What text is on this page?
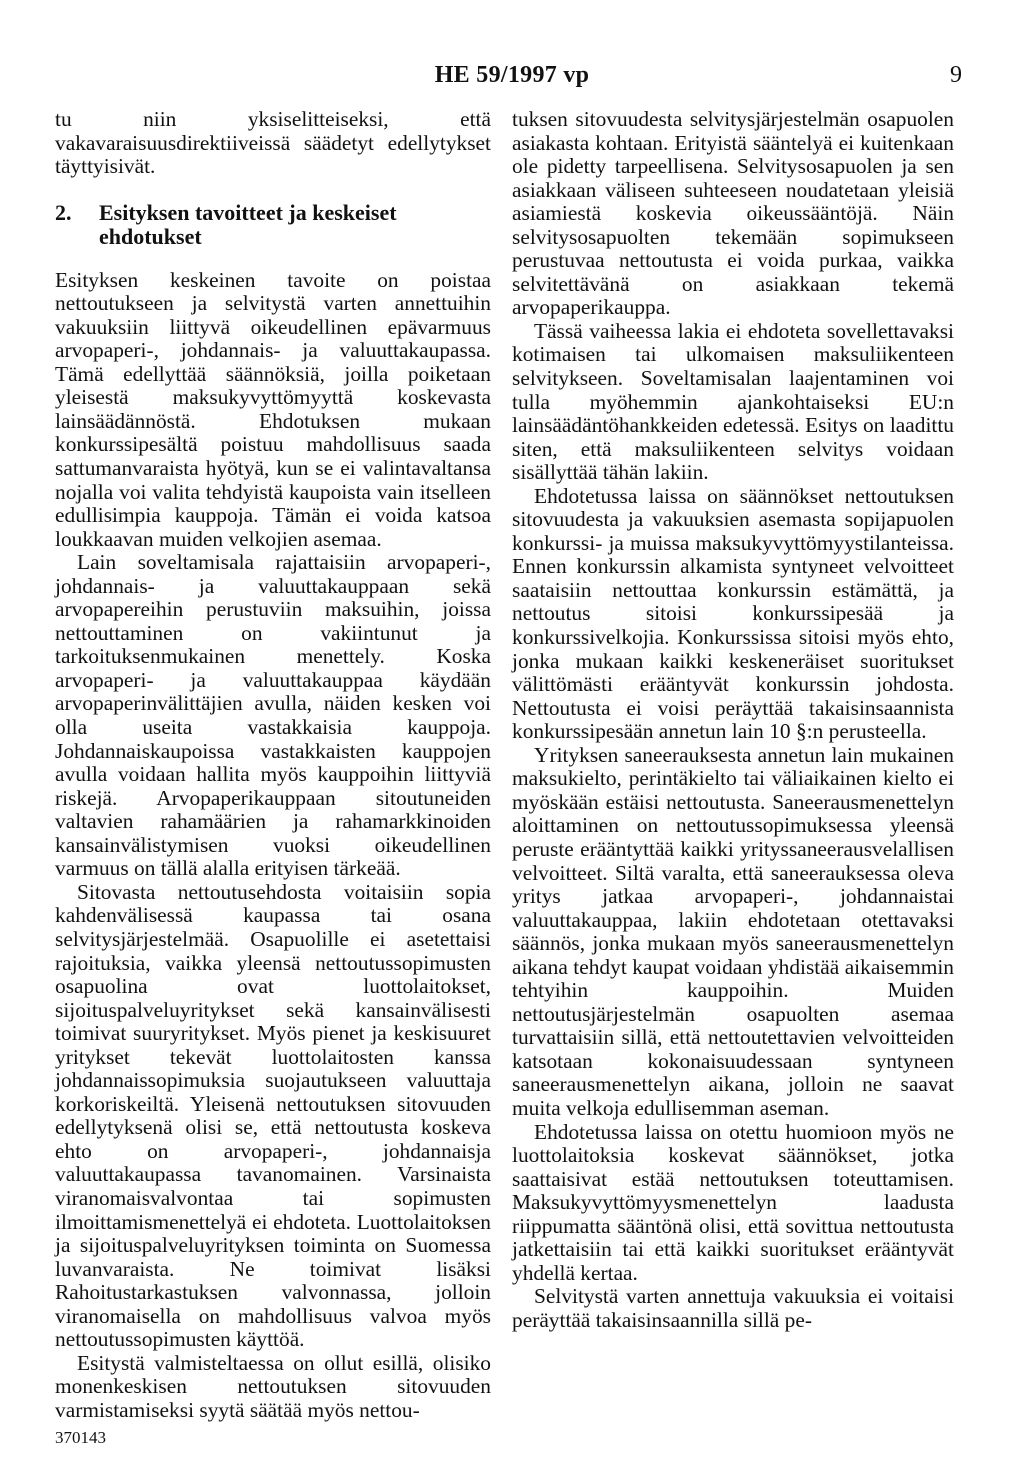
HE 59/1997 vp	9

tu niin yksiselitteiseksi, että vakavaraisuusdirektiiveissä säädetyt edellytykset täyttyisivät.

2.	Esityksen tavoitteet ja keskeiset ehdotukset

Esityksen keskeinen tavoite on poistaa nettoutukseen ja selvitystä varten annettuihin vakuuksiin liittyvä oikeudellinen epävarmuus arvopaperi-, johdannais- ja valuuttakaupassa. Tämä edellyttää säännöksiä, joilla poiketaan yleisestä maksukyvyttömyyttä koskevasta lainsäädännöstä. Ehdotuksen mukaan konkurssipesältä poistuu mahdollisuus saada sattumanvaraista hyötyä, kun se ei valintavaltansa nojalla voi valita tehdyistä kaupoista vain itselleen edullisimpia kauppoja. Tämän ei voida katsoa loukkaavan muiden velkojien asemaa.

Lain soveltamisala rajattaisiin arvopaperi-, johdannais- ja valuuttakauppaan sekä arvopapereihin perustuviin maksuihin, joissa nettouttaminen on vakiintunut ja tarkoituksenmukainen menettely. Koska arvopaperi- ja valuuttakauppaa käydään arvopaperinvälittäjien avulla, näiden kesken voi olla useita vastakkaisia kauppoja. Johdannaiskaupoissa vastakkaisten kauppojen avulla voidaan hallita myös kauppoihin liittyviä riskejä. Arvopaperikauppaan sitoutuneiden valtavien rahamäärien ja rahamarkkinoiden kansainvälistymisen vuoksi oikeudellinen varmuus on tällä alalla erityisen tärkeää.

Sitovasta nettoutusehdosta voitaisiin sopia kahdenvälisessä kaupassa tai osana selvitysjärjestelmää. Osapuolille ei asetettaisi rajoituksia, vaikka yleensä nettoutussopimusten osapuolina ovat luottolaitokset, sijoituspalveluyritykset sekä kansainvälisesti toimivat suuryritykset. Myös pienet ja keskisuuret yritykset tekevät luottolaitosten kanssa johdannaissopimuksia suojautukseen valuuttaja korkoriskeiltä. Yleisenä nettoutuksen sitovuuden edellytyksenä olisi se, että nettoutusta koskeva ehto on arvopaperi-, johdannaisja valuuttakaupassa tavanomainen. Varsinaista viranomaisvalvontaa tai sopimusten ilmoittamismenettelyä ei ehdoteta. Luottolaitoksen ja sijoituspalveluyrityksen toiminta on Suomessa luvanvaraista. Ne toimivat lisäksi Rahoitustarkastuksen valvonnassa, jolloin viranomaisella on mahdollisuus valvoa myös nettoutussopimusten käyttöä.

Esitystä valmisteltaessa on ollut esillä, olisiko monenkeskisen nettoutuksen sitovuuden varmistamiseksi syytä säätää myös nettou-

tuksen sitovuudesta selvitysjärjestelmän osapuolen asiakasta kohtaan. Erityistä sääntelyä ei kuitenkaan ole pidetty tarpeellisena. Selvitysosapuolen ja sen asiakkaan väliseen suhteeseen noudatetaan yleisiä asiamiestä koskevia oikeussääntöjä. Näin selvitysosapuolten tekemään sopimukseen perustuvaa nettoutusta ei voida purkaa, vaikka selvitettävänä on asiakkaan tekemä arvopaperikauppa.

Tässä vaiheessa lakia ei ehdoteta sovellettavaksi kotimaisen tai ulkomaisen maksuliikenteen selvitykseen. Soveltamisalan laajentaminen voi tulla myöhemmin ajankohtaiseksi EU:n lainsäädäntöhankkeiden edetessä. Esitys on laadittu siten, että maksuliikenteen selvitys voidaan sisällyttää tähän lakiin.

Ehdotetussa laissa on säännökset nettoutuksen sitovuudesta ja vakuuksien asemasta sopijapuolen konkurssi- ja muissa maksukyvyttömyystilanteissa. Ennen konkurssin alkamista syntyneet velvoitteet saataisiin nettouttaa konkurssin estämättä, ja nettoutus sitoisi konkurssipesää ja konkurssivelkojia. Konkurssissa sitoisi myös ehto, jonka mukaan kaikki keskeneräiset suoritukset välittömästi erääntyvät konkurssin johdosta. Nettoutusta ei voisi peräyttää takaisinsaannista konkurssipesään annetun lain 10 §:n perusteella.

Yrityksen saneerauksesta annetun lain mukainen maksukielto, perintäkielto tai väliaikainen kielto ei myöskään estäisi nettoutusta. Saneerausmenettelyn aloittaminen on nettoutussopimuksessa yleensä peruste erääntyttää kaikki yrityssaneerausvelallisen velvoitteet. Siltä varalta, että saneerauksessa oleva yritys jatkaa arvopaperi-, johdannaistai valuuttakauppaa, lakiin ehdotetaan otettavaksi säännös, jonka mukaan myös saneerausmenettelyn aikana tehdyt kaupat voidaan yhdistää aikaisemmin tehtyihin kauppoihin. Muiden nettoutusjärjestelmän osapuolten asemaa turvattaisiin sillä, että nettoutettavien velvoitteiden katsotaan kokonaisuudessaan syntyneen saneerausmenettelyn aikana, jolloin ne saavat muita velkoja edullisemman aseman.

Ehdotetussa laissa on otettu huomioon myös ne luottolaitoksia koskevat säännökset, jotka saattaisivat estää nettoutuksen toteuttamisen. Maksukyvyttömyysmenettelyn laadusta riippumatta sääntönä olisi, että sovittua nettoutusta jatkettaisiin tai että kaikki suoritukset erääntyvät yhdellä kertaa.

Selvitystä varten annettuja vakuuksia ei voitaisi peräyttää takaisinsaannilla sillä pe-

370143
